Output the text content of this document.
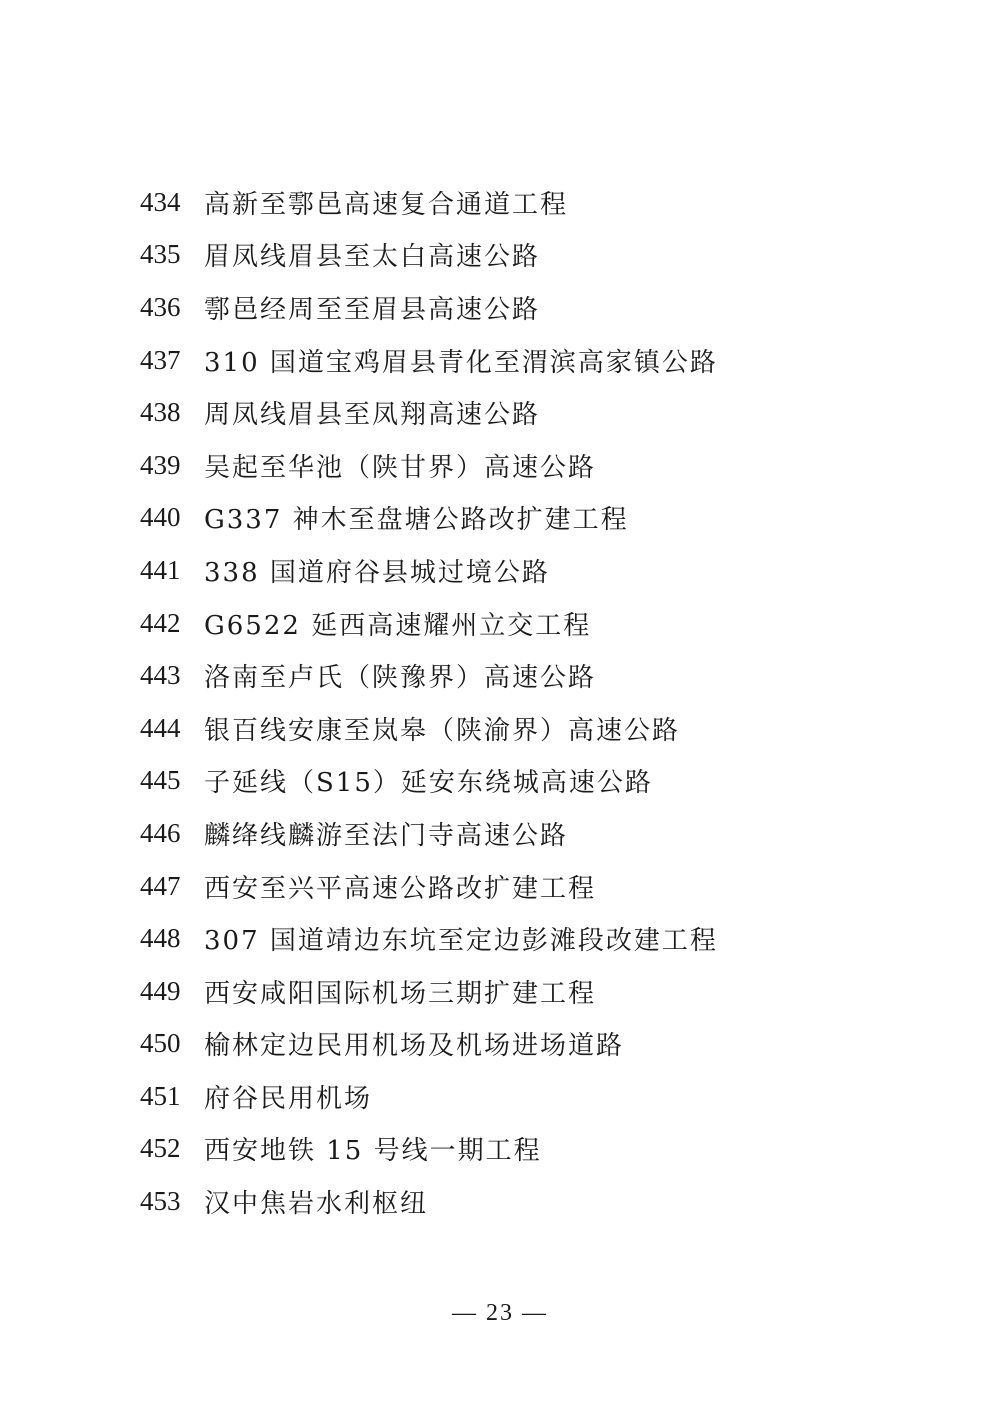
434 高新至鄠邑高速复合通道工程
435 眉凤线眉县至太白高速公路
436 鄠邑经周至至眉县高速公路
437 310 国道宝鸡眉县青化至渭滨高家镇公路
438 周凤线眉县至凤翔高速公路
439 吴起至华池（陕甘界）高速公路
440 G337 神木至盘塘公路改扩建工程
441 338 国道府谷县城过境公路
442 G6522 延西高速耀州立交工程
443 洛南至卢氏（陕豫界）高速公路
444 银百线安康至岚皋（陕渝界）高速公路
445 子延线（S15）延安东绕城高速公路
446 麟绛线麟游至法门寺高速公路
447 西安至兴平高速公路改扩建工程
448 307 国道靖边东坑至定边彭滩段改建工程
449 西安咸阳国际机场三期扩建工程
450 榆林定边民用机场及机场进场道路
451 府谷民用机场
452 西安地铁 15 号线一期工程
453 汉中焦岩水利枢纽
— 23 —
